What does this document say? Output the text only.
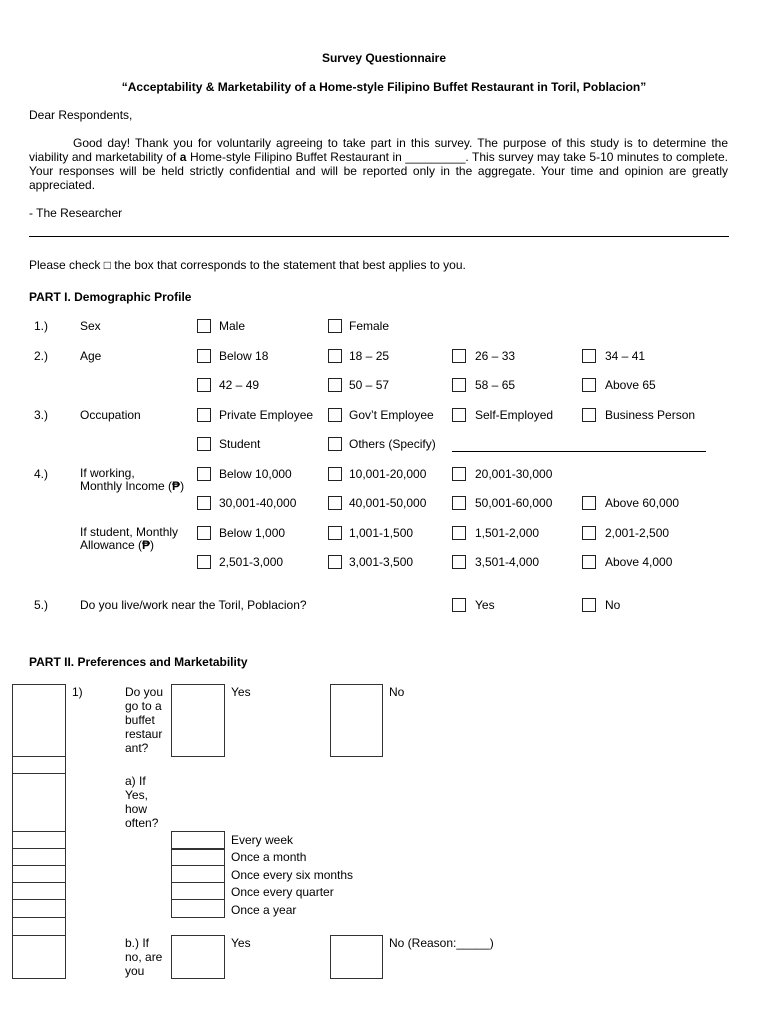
Survey Questionnaire
“Acceptability & Marketability of a Home-style Filipino Buffet Restaurant in Toril, Poblacion”
Dear Respondents,
Good day! Thank you for voluntarily agreeing to take part in this survey. The purpose of this study is to determine the viability and marketability of a Home-style Filipino Buffet Restaurant in _________. This survey may take 5-10 minutes to complete. Your responses will be held strictly confidential and will be reported only in the aggregate. Your time and opinion are greatly appreciated.
- The Researcher
Please check □ the box that corresponds to the statement that best applies to you.
PART I. Demographic Profile
1.)	Sex	Male	Female
2.)	Age	Below 18	18 – 25	26 – 33	34 – 41
42 – 49	50 – 57	58 – 65	Above 65
3.)	Occupation	Private Employee	Gov’t Employee	Self-Employed	Business Person
Student	Others (Specify)
4.)	If working,
Monthly Income (₱)
Below 10,000	10,001-20,000	20,001-30,000
30,001-40,000	40,001-50,000	50,001-60,000	Above 60,000
If student, Monthly
Allowance (₱)
Below 1,000	1,001-1,500	1,501-2,000	2,001-2,500
2,501-3,000	3,001-3,500	3,501-4,000	Above 4,000
5.)	Do you live/work near the Toril, Poblacion?	Yes	No
PART II. Preferences and Marketability
1)	Do you go to a buffet restaur ant?
Yes	No
a) If Yes, how often?
Every week
Once a month
Once every six months
Once every quarter
Once a year
b.) If no, are you
Yes	No (Reason:_____)
